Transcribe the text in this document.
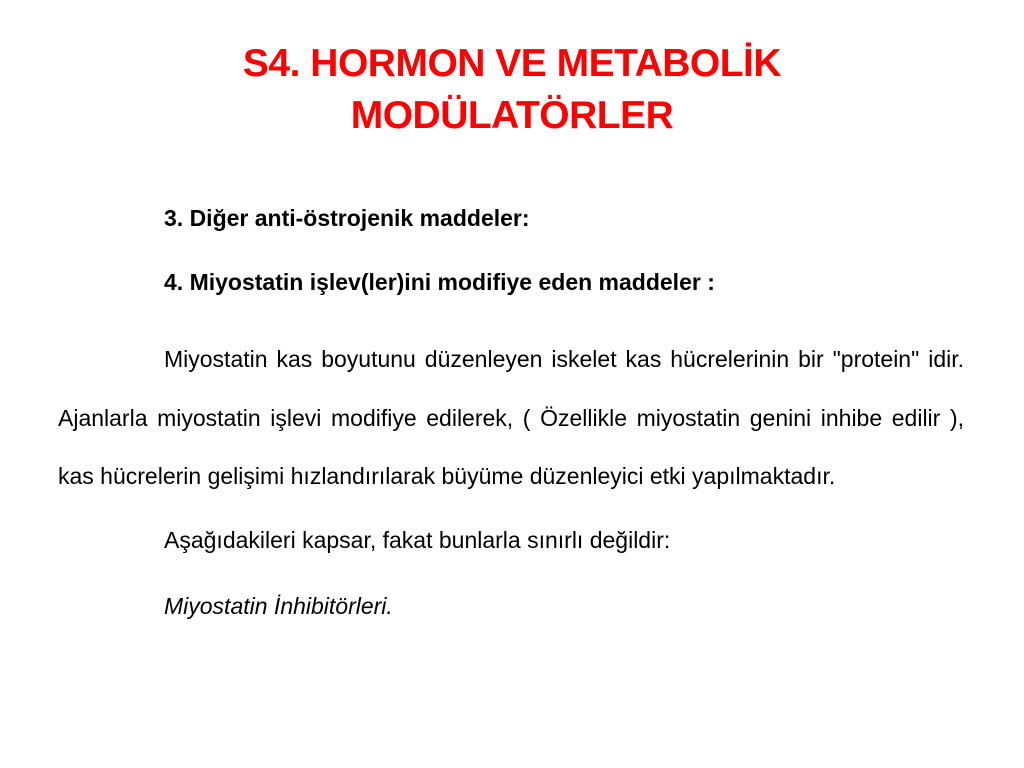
S4. HORMON VE METABOLİK
MODÜLATÖRLER

3. Diğer anti-östrojenik maddeler:

4. Miyostatin işlev(ler)ini modifiye eden maddeler :

Miyostatin kas boyutunu düzenleyen iskelet kas hücrelerinin bir "protein" idir. Ajanlarla miyostatin işlevi modifiye edilerek, ( Özellikle miyostatin genini inhibe edilir ), kas hücrelerin gelişimi hızlandırılarak büyüme düzenleyici etki yapılmaktadır.

Aşağıdakileri kapsar, fakat bunlarla sınırlı değildir:

Miyostatin İnhibitörleri.
